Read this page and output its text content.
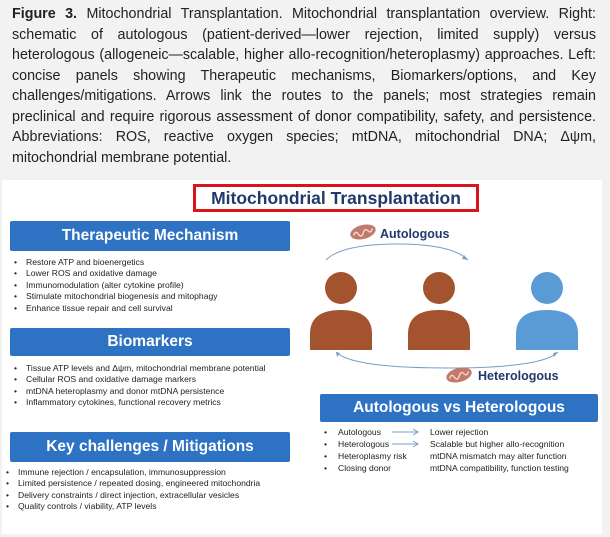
Figure 3. Mitochondrial Transplantation. Mitochondrial transplantation overview. Right: schematic of autologous (patient-derived—lower rejection, limited supply) versus heterologous (allogeneic—scalable, higher allo-recognition/heteroplasmy) approaches. Left: concise panels showing Therapeutic mechanisms, Biomarkers/options, and Key challenges/mitigations. Arrows link the routes to the panels; most strategies remain preclinical and require rigorous assessment of donor compatibility, safety, and persistence. Abbreviations: ROS, reactive oxygen species; mtDNA, mitochondrial DNA; Δψm, mitochondrial membrane potential.
Mitochondrial Transplantation
Therapeutic Mechanism
• Restore ATP and bioenergetics
• Lower ROS and oxidative damage
• Immunomodulation (alter cytokine profile)
• Stimulate mitochondrial biogenesis and mitophagy
• Enhance tissue repair and cell survival
Biomarkers
• Tissue ATP levels and Δψm, mitochondrial membrane potential
• Cellular ROS and oxidative damage markers
• mtDNA heteroplasmy and donor mtDNA persistence
• Inflammatory cytokines, functional recovery metrics
Key challenges / Mitigations
• Immune rejection / encapsulation, immunosuppression
• Limited persistence / repeated dosing, engineered mitochondria
• Delivery constraints / direct injection, extracellular vesicles
• Quality controls / viability, ATP levels
Autologous
Heterologous
Autologous vs Heterologous
• Autologous	Lower rejection
• Heterologous	Scalable but higher allo-recognition
• Heteroplasmy risk	mtDNA mismatch may alter function
• Closing donor	mtDNA compatibility, function testing
